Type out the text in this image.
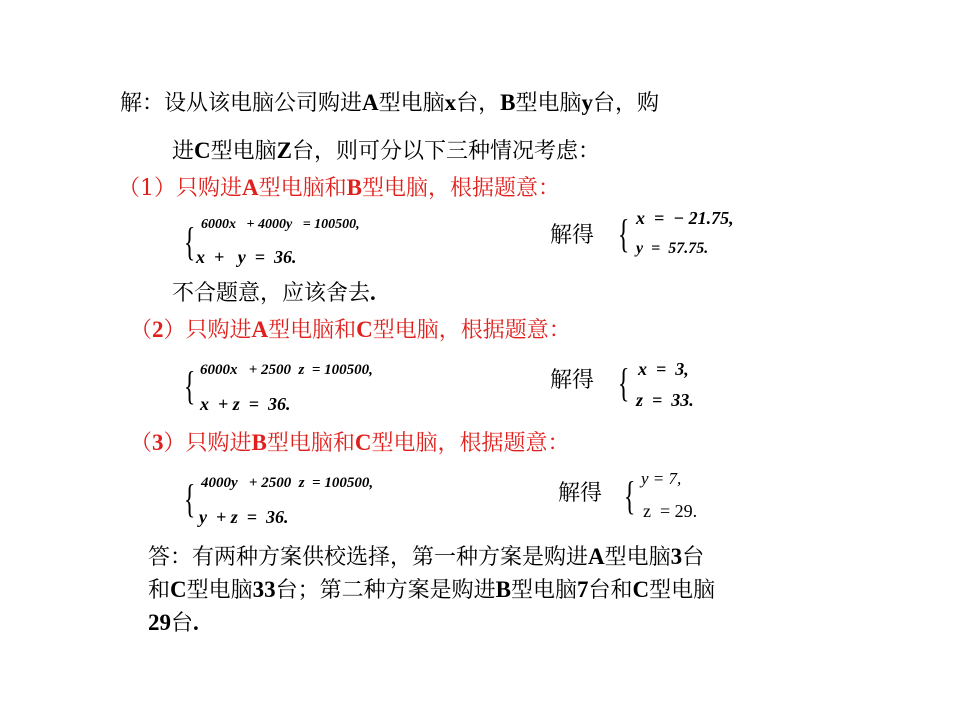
解：设从该电脑公司购进A型电脑x台，B型电脑y台，购
进C型电脑Z台，则可分以下三种情况考虑：
（1）只购进A型电脑和B型电脑，根据题意：
{ 6000x   + 4000y   = 100500,
x  +   y  =  36.
解得 { x  =  − 21.75,
y  =  57.75.
不合题意，应该舍去.
（2）只购进A型电脑和C型电脑，根据题意：
{ 6000x   + 2500  z  = 100500,
x  + z  =  36.
解得 { x  =  3,
z  =  33.
（3）只购进B型电脑和C型电脑，根据题意：
{ 4000y   + 2500  z  = 100500,
y  + z  =  36.
解得 { y = 7,
z  = 29.
答：有两种方案供校选择，第一种方案是购进A型电脑3台
和C型电脑33台；第二种方案是购进B型电脑7台和C型电脑
29台.
